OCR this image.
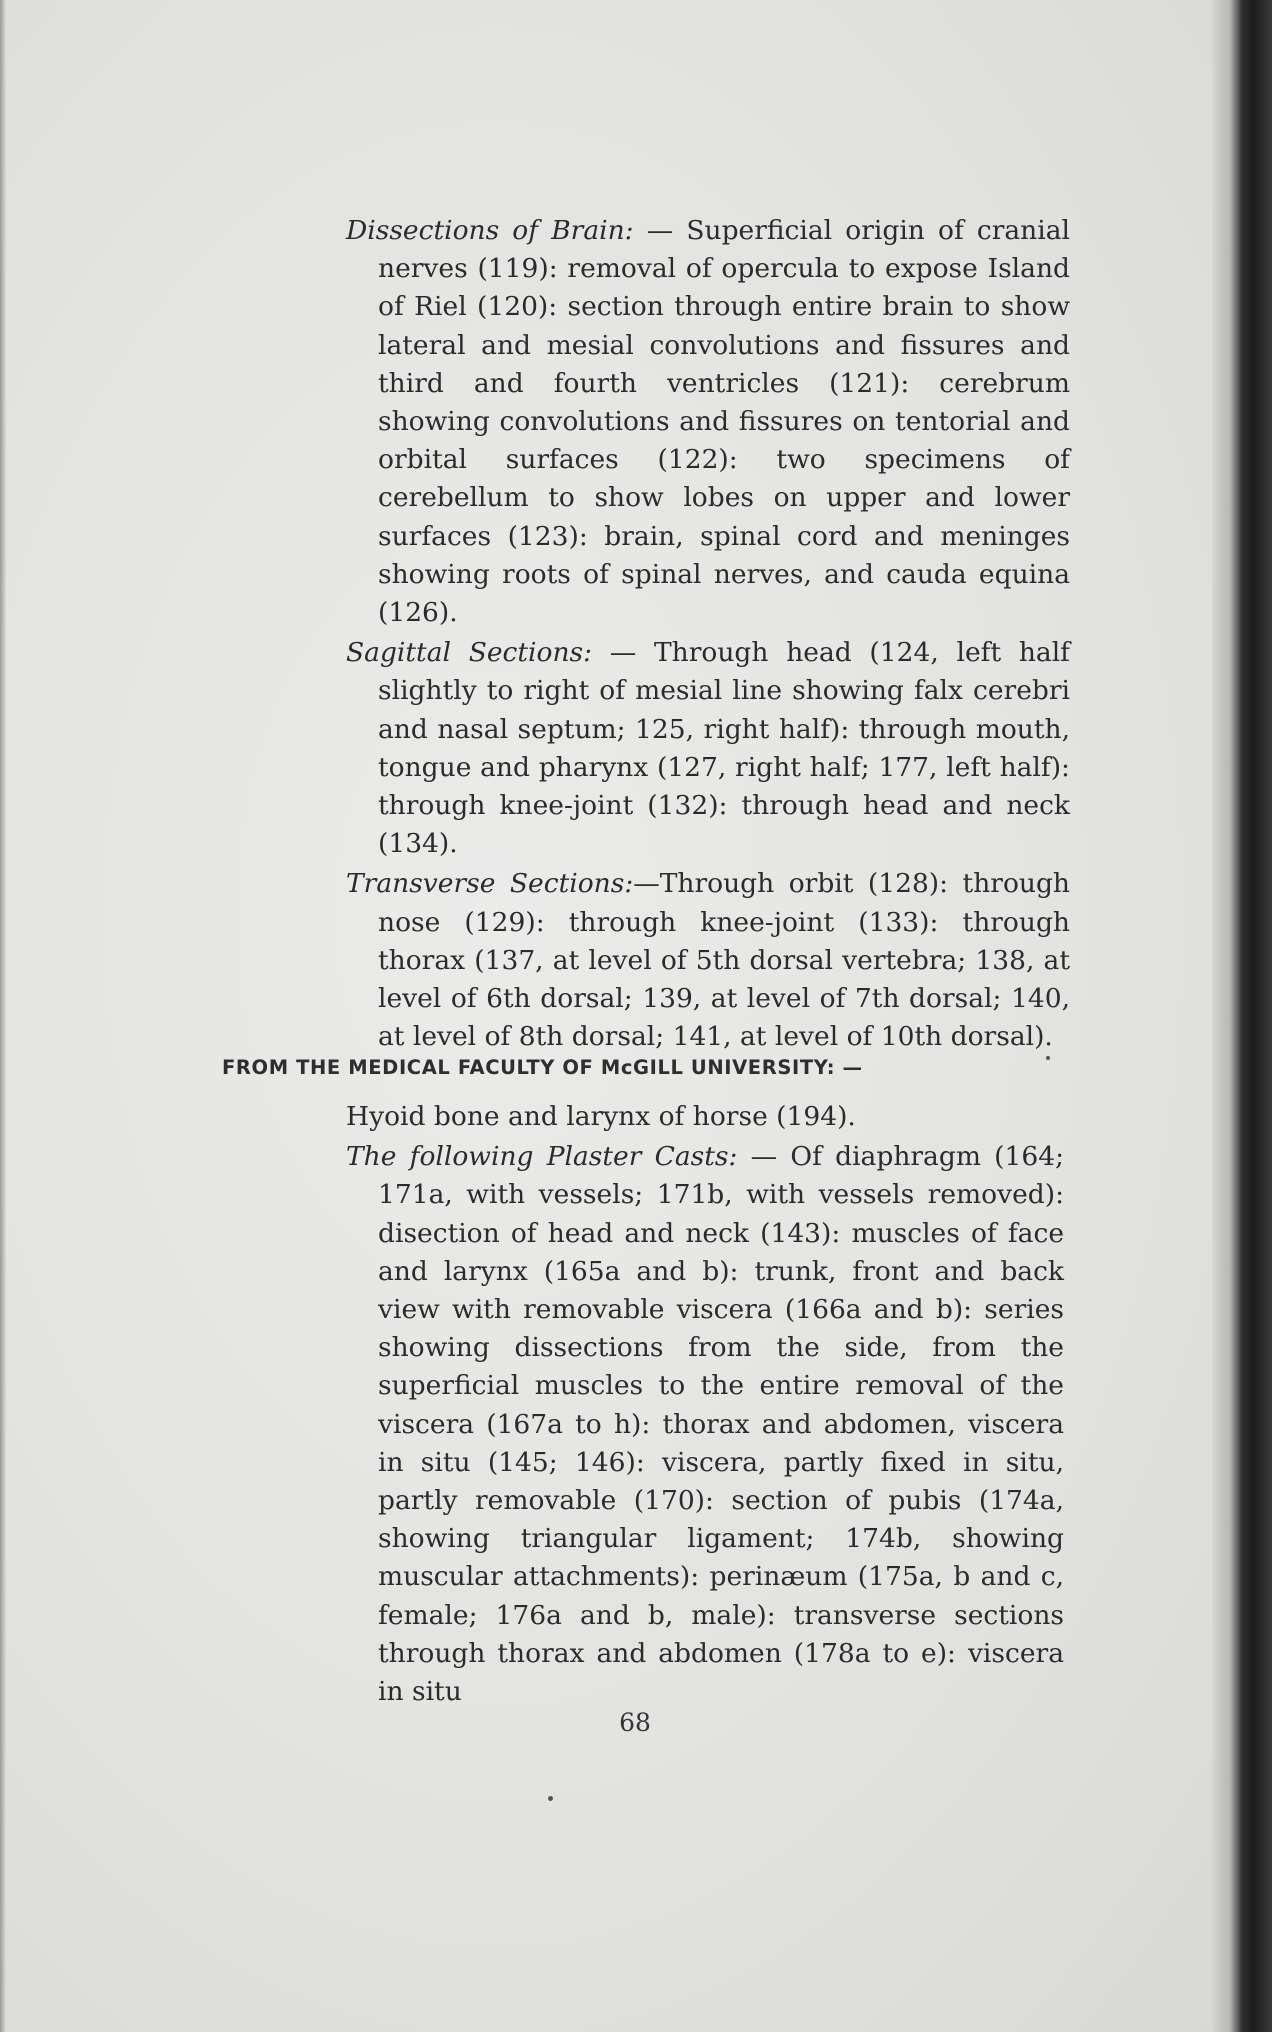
Dissections of Brain: — Superficial origin of cranial nerves (119): removal of opercula to expose Island of Riel (120): section through entire brain to show lateral and mesial convolutions and fissures and third and fourth ventricles (121): cerebrum showing convolutions and fissures on tentorial and orbital surfaces (122): two specimens of cerebellum to show lobes on upper and lower surfaces (123): brain, spinal cord and meninges showing roots of spinal nerves, and cauda equina (126).

Sagittal Sections: — Through head (124, left half slightly to right of mesial line showing falx cerebri and nasal septum; 125, right half): through mouth, tongue and pharynx (127, right half; 177, left half): through knee-joint (132): through head and neck (134).

Transverse Sections:—Through orbit (128): through nose (129): through knee-joint (133): through thorax (137, at level of 5th dorsal vertebra; 138, at level of 6th dorsal; 139, at level of 7th dorsal; 140, at level of 8th dorsal; 141, at level of 10th dorsal).

FROM THE MEDICAL FACULTY OF McGILL UNIVERSITY: —

Hyoid bone and larynx of horse (194).

The following Plaster Casts: — Of diaphragm (164; 171a, with vessels; 171b, with vessels removed): disection of head and neck (143): muscles of face and larynx (165a and b): trunk, front and back view with removable viscera (166a and b): series showing dissections from the side, from the superficial muscles to the entire removal of the viscera (167a to h): thorax and abdomen, viscera in situ (145; 146): viscera, partly fixed in situ, partly removable (170): section of pubis (174a, showing triangular ligament; 174b, showing muscular attachments): perinæum (175a, b and c, female; 176a and b, male): transverse sections through thorax and abdomen (178a to e): viscera in situ

68
